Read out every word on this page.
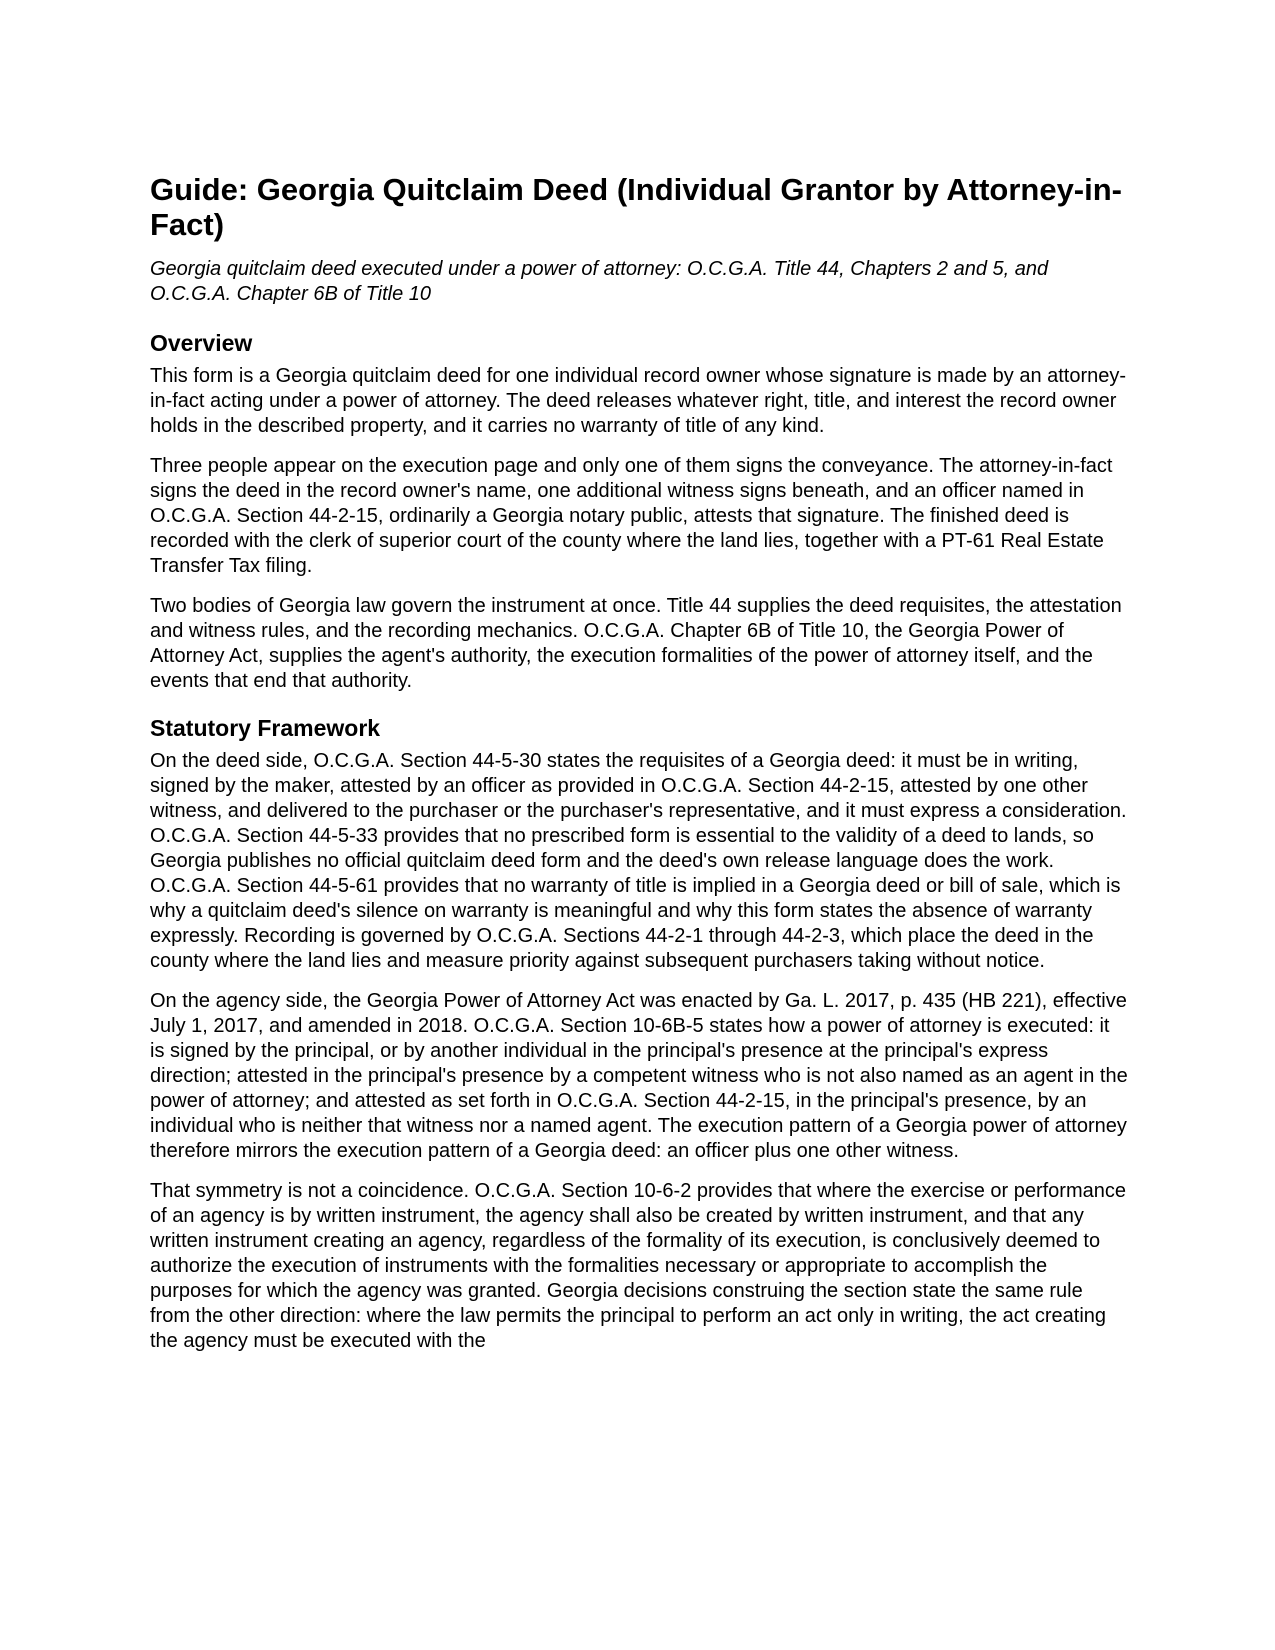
Guide: Georgia Quitclaim Deed (Individual Grantor by Attorney-in-Fact)

Georgia quitclaim deed executed under a power of attorney: O.C.G.A. Title 44, Chapters 2 and 5, and O.C.G.A. Chapter 6B of Title 10

Overview

This form is a Georgia quitclaim deed for one individual record owner whose signature is made by an attorney-in-fact acting under a power of attorney. The deed releases whatever right, title, and interest the record owner holds in the described property, and it carries no warranty of title of any kind.

Three people appear on the execution page and only one of them signs the conveyance. The attorney-in-fact signs the deed in the record owner's name, one additional witness signs beneath, and an officer named in O.C.G.A. Section 44-2-15, ordinarily a Georgia notary public, attests that signature. The finished deed is recorded with the clerk of superior court of the county where the land lies, together with a PT-61 Real Estate Transfer Tax filing.

Two bodies of Georgia law govern the instrument at once. Title 44 supplies the deed requisites, the attestation and witness rules, and the recording mechanics. O.C.G.A. Chapter 6B of Title 10, the Georgia Power of Attorney Act, supplies the agent's authority, the execution formalities of the power of attorney itself, and the events that end that authority.

Statutory Framework

On the deed side, O.C.G.A. Section 44-5-30 states the requisites of a Georgia deed: it must be in writing, signed by the maker, attested by an officer as provided in O.C.G.A. Section 44-2-15, attested by one other witness, and delivered to the purchaser or the purchaser's representative, and it must express a consideration. O.C.G.A. Section 44-5-33 provides that no prescribed form is essential to the validity of a deed to lands, so Georgia publishes no official quitclaim deed form and the deed's own release language does the work. O.C.G.A. Section 44-5-61 provides that no warranty of title is implied in a Georgia deed or bill of sale, which is why a quitclaim deed's silence on warranty is meaningful and why this form states the absence of warranty expressly. Recording is governed by O.C.G.A. Sections 44-2-1 through 44-2-3, which place the deed in the county where the land lies and measure priority against subsequent purchasers taking without notice.

On the agency side, the Georgia Power of Attorney Act was enacted by Ga. L. 2017, p. 435 (HB 221), effective July 1, 2017, and amended in 2018. O.C.G.A. Section 10-6B-5 states how a power of attorney is executed: it is signed by the principal, or by another individual in the principal's presence at the principal's express direction; attested in the principal's presence by a competent witness who is not also named as an agent in the power of attorney; and attested as set forth in O.C.G.A. Section 44-2-15, in the principal's presence, by an individual who is neither that witness nor a named agent. The execution pattern of a Georgia power of attorney therefore mirrors the execution pattern of a Georgia deed: an officer plus one other witness.

That symmetry is not a coincidence. O.C.G.A. Section 10-6-2 provides that where the exercise or performance of an agency is by written instrument, the agency shall also be created by written instrument, and that any written instrument creating an agency, regardless of the formality of its execution, is conclusively deemed to authorize the execution of instruments with the formalities necessary or appropriate to accomplish the purposes for which the agency was granted. Georgia decisions construing the section state the same rule from the other direction: where the law permits the principal to perform an act only in writing, the act creating the agency must be executed with the
